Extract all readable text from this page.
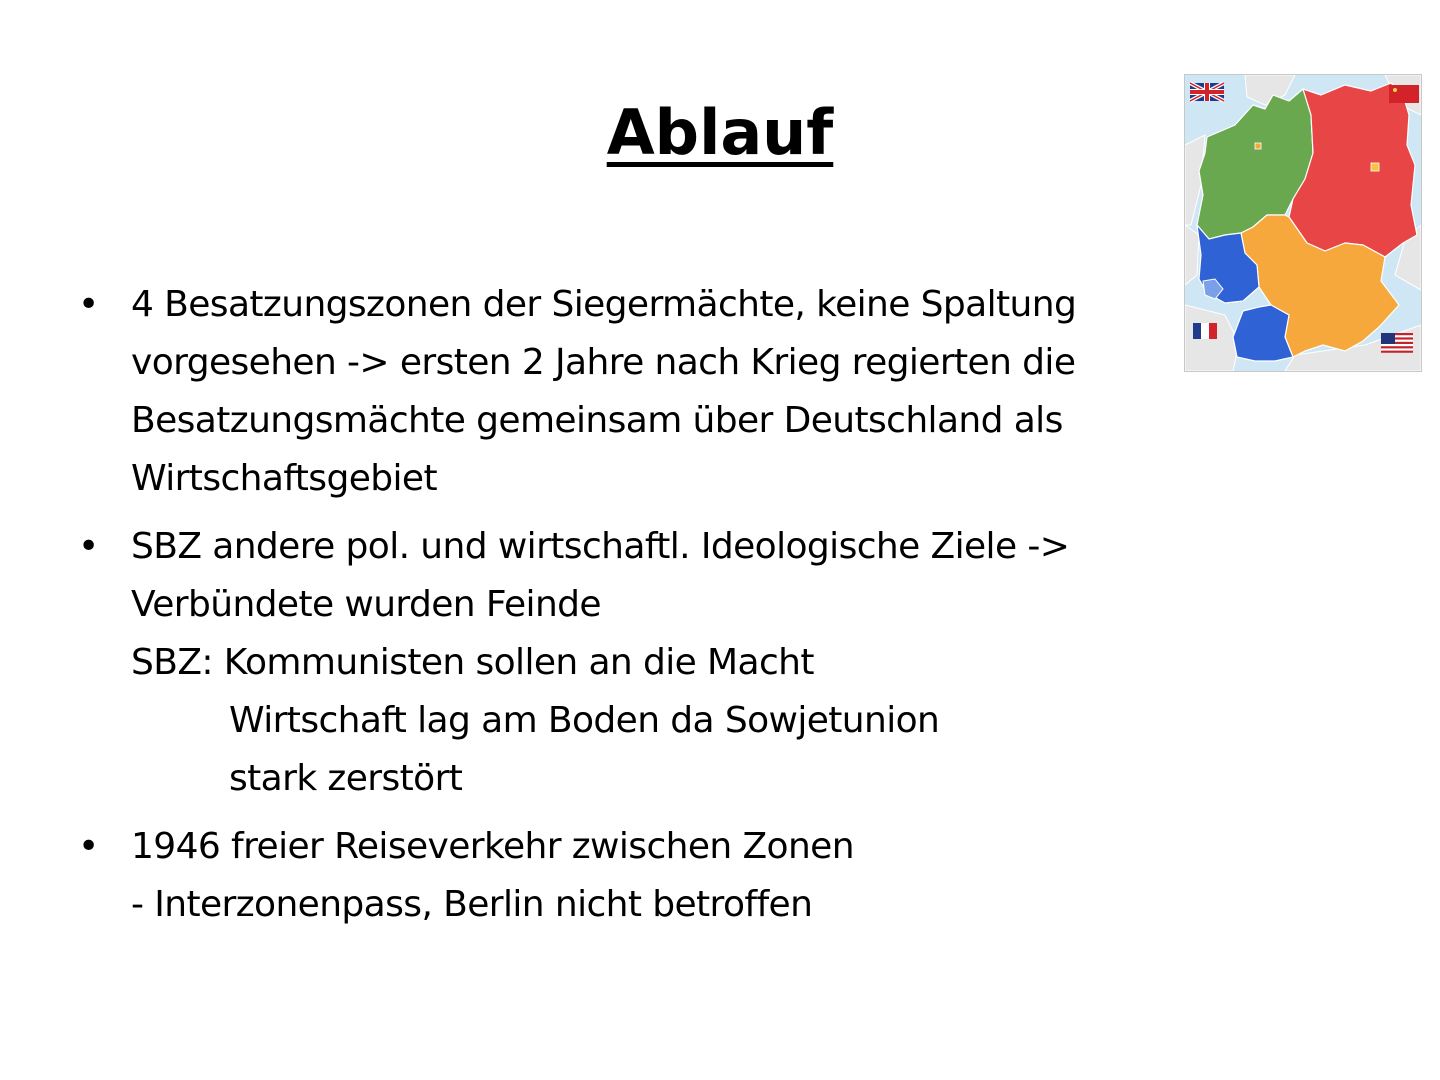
Ablauf
• 4 Besatzungszonen der Siegermächte, keine Spaltung
vorgesehen -> ersten 2 Jahre nach Krieg regierten die
Besatzungsmächte gemeinsam über Deutschland als
Wirtschaftsgebiet
• SBZ andere pol. und wirtschaftl. Ideologische Ziele ->
Verbündete wurden Feinde
SBZ: Kommunisten sollen an die Macht
Wirtschaft lag am Boden da Sowjetunion
stark zerstört
• 1946 freier Reiseverkehr zwischen Zonen
- Interzonenpass, Berlin nicht betroffen
